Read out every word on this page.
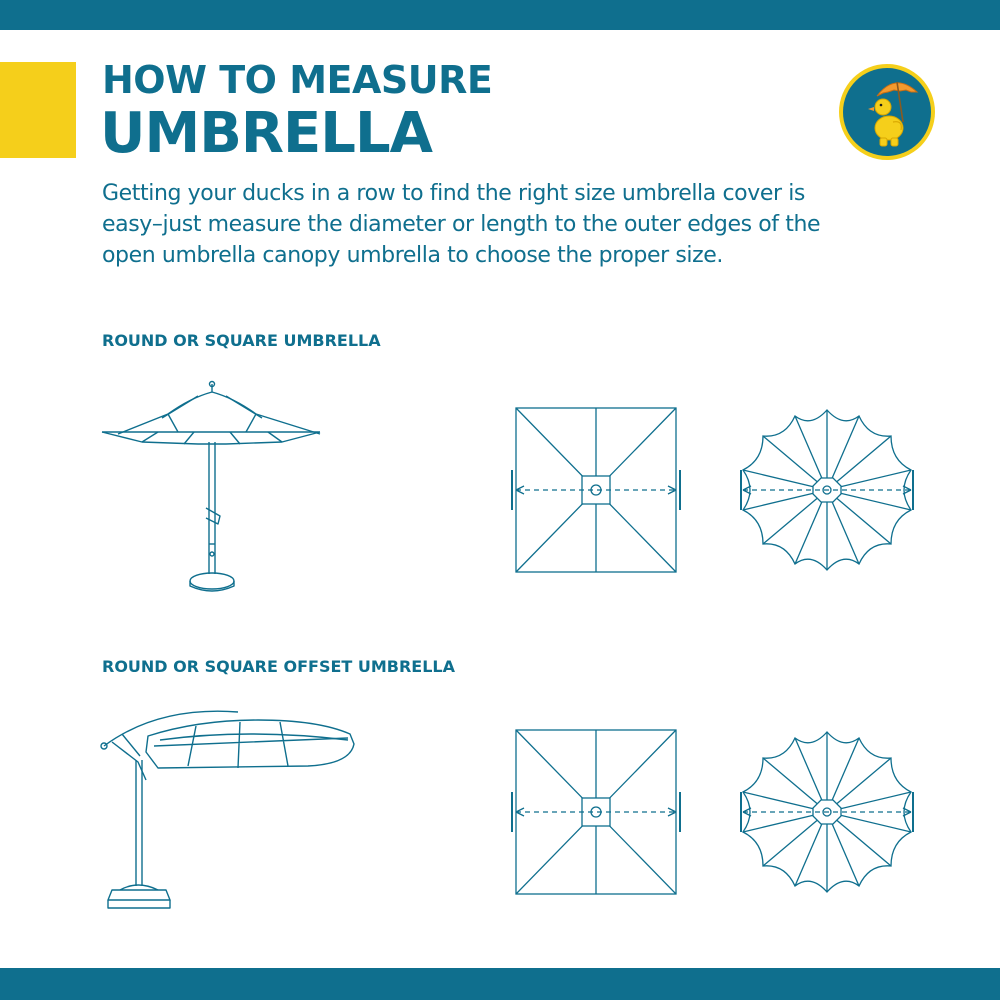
HOW TO MEASURE
UMBRELLA

Getting your ducks in a row to find the right size umbrella cover is easy–just measure the diameter or length to the outer edges of the open umbrella canopy umbrella to choose the proper size.

ROUND OR SQUARE UMBRELLA

ROUND OR SQUARE OFFSET UMBRELLA
